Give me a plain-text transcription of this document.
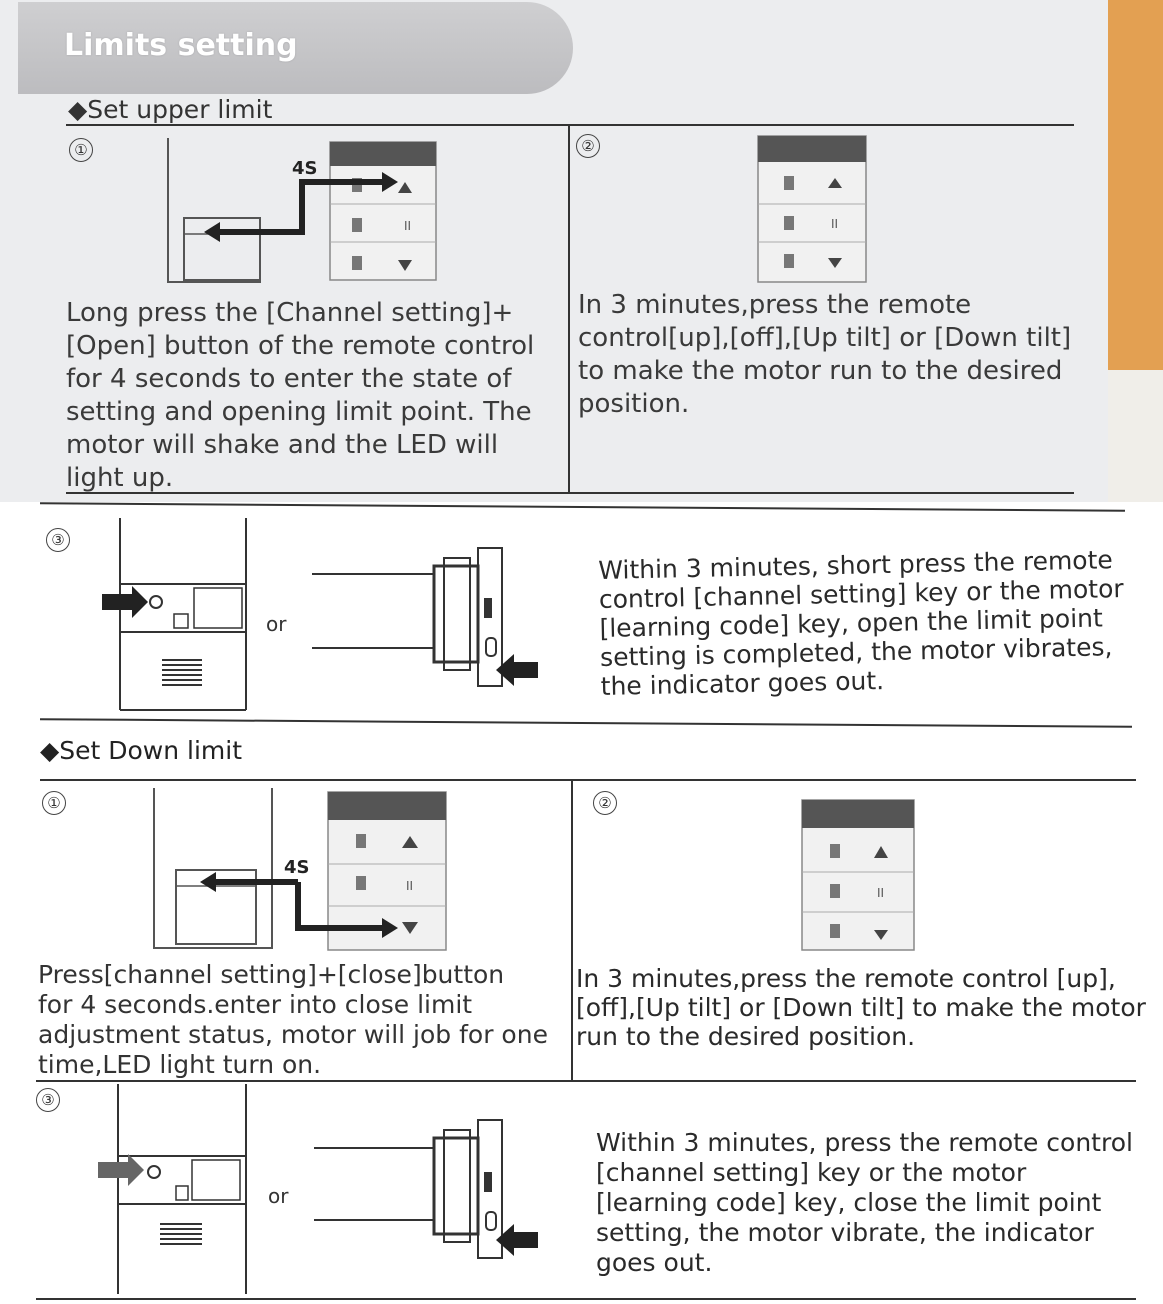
Limits setting
◆Set upper limit
①	②
II
4S
II
Long press the [Channel setting]+
[Open] button of the remote control
for 4 seconds to enter the state of
setting and opening limit point. The
motor will shake and the LED will
light up.
In 3 minutes,press the remote
control[up],[off],[Up tilt] or [Down tilt]
to make the motor run to the desired
position.
③
or
Within 3 minutes, short press the remote
control [channel setting] key or the motor
[learning code] key, open the limit point
setting is completed, the motor vibrates,
the indicator goes out.
◆Set Down limit
①	②
II
4S
II
Press[channel setting]+[close]button
for 4 seconds.enter into close limit
adjustment status, motor will job for one
time,LED light turn on.
In 3 minutes,press the remote control [up],
[off],[Up tilt] or [Down tilt] to make the motor
run to the desired position.
③
or
Within 3 minutes, press the remote control
[channel setting] key or the motor
[learning code] key, close the limit point
setting, the motor vibrate, the indicator
goes out.
